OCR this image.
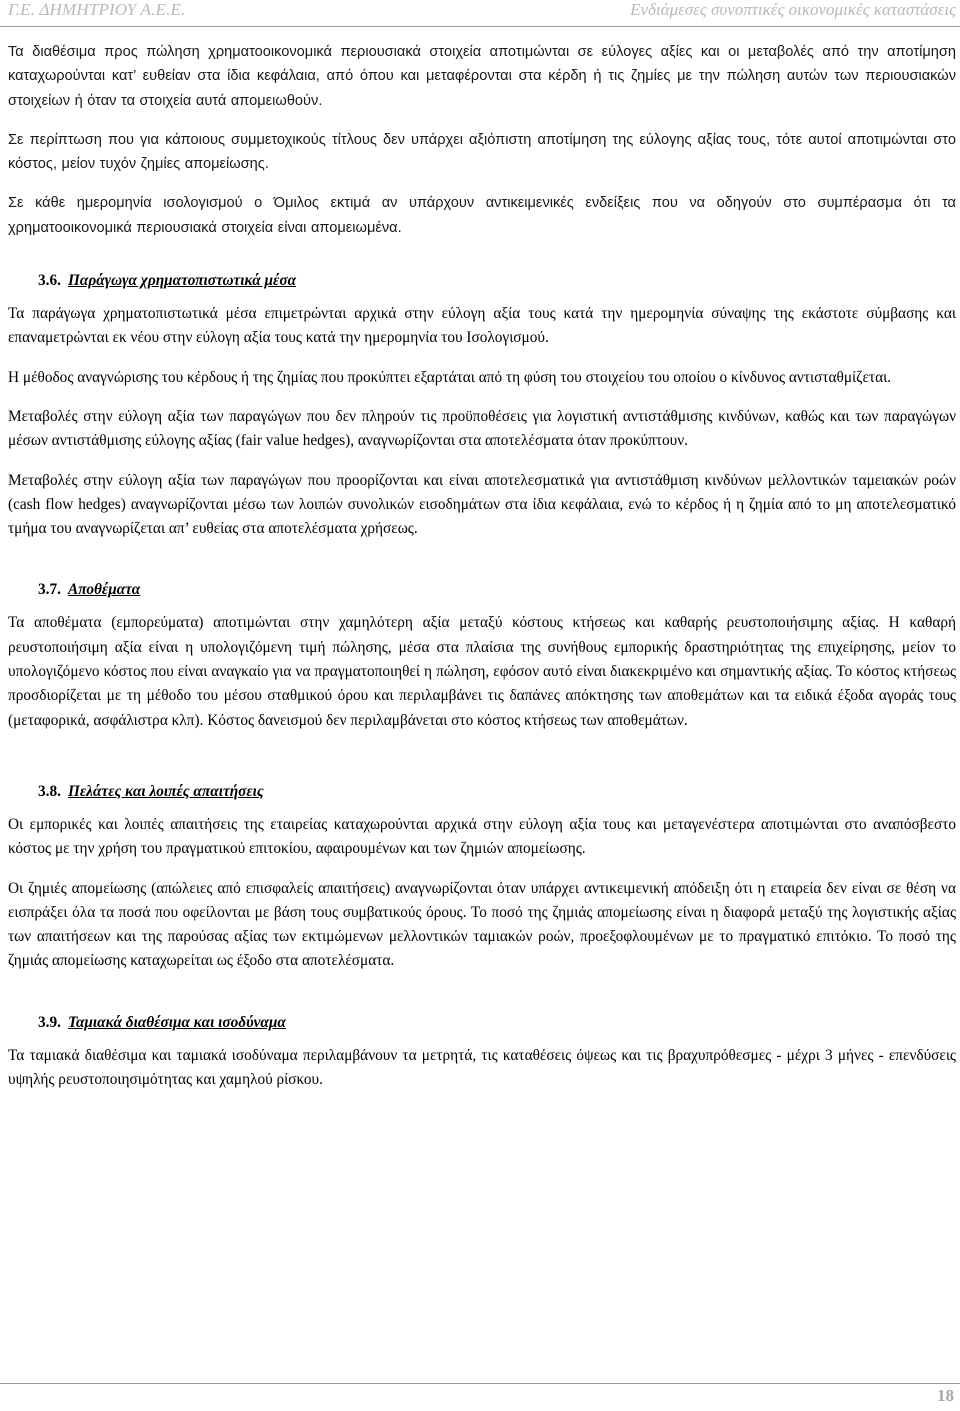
Γ.Ε. ΔΗΜΗΤΡΙΟΥ Α.Ε.Ε.	Ενδιάμεσες συνοπτικές οικονομικές καταστάσεις

Τα διαθέσιμα προς πώληση χρηματοοικονομικά περιουσιακά στοιχεία αποτιμώνται σε εύλογες αξίες και οι μεταβολές από την αποτίμηση καταχωρούνται κατ’ ευθείαν στα ίδια κεφάλαια, από όπου και μεταφέρονται στα κέρδη ή τις ζημίες με την πώληση αυτών των περιουσιακών στοιχείων ή όταν τα στοιχεία αυτά απομειωθούν.

Σε περίπτωση που για κάποιους συμμετοχικούς τίτλους δεν υπάρχει αξιόπιστη αποτίμηση της εύλογης αξίας τους, τότε αυτοί αποτιμώνται στο κόστος, μείον τυχόν ζημίες απομείωσης.

Σε κάθε ημερομηνία ισολογισμού ο Όμιλος εκτιμά αν υπάρχουν αντικειμενικές ενδείξεις που να οδηγούν στο συμπέρασμα ότι τα χρηματοοικονομικά περιουσιακά στοιχεία είναι απομειωμένα.

3.6. Παράγωγα χρηματοπιστωτικά μέσα

Τα παράγωγα χρηματοπιστωτικά μέσα επιμετρώνται αρχικά στην εύλογη αξία τους κατά την ημερομηνία σύναψης της εκάστοτε σύμβασης και επαναμετρώνται εκ νέου στην εύλογη αξία τους κατά την ημερομηνία του Ισολογισμού.

Η μέθοδος αναγνώρισης του κέρδους ή της ζημίας που προκύπτει εξαρτάται από τη φύση του στοιχείου του οποίου ο κίνδυνος αντισταθμίζεται.

Μεταβολές στην εύλογη αξία των παραγώγων που δεν πληρούν τις προϋποθέσεις για λογιστική αντιστάθμισης κινδύνων, καθώς και των παραγώγων μέσων αντιστάθμισης εύλογης αξίας (fair value hedges), αναγνωρίζονται στα αποτελέσματα όταν προκύπτουν.

Μεταβολές στην εύλογη αξία των παραγώγων που προορίζονται και είναι αποτελεσματικά για αντιστάθμιση κινδύνων μελλοντικών ταμειακών ροών (cash flow hedges) αναγνωρίζονται μέσω των λοιπών συνολικών εισοδημάτων στα ίδια κεφάλαια, ενώ το κέρδος ή η ζημία από το μη αποτελεσματικό τμήμα του αναγνωρίζεται απ’ ευθείας στα αποτελέσματα χρήσεως.

3.7. Αποθέματα

Τα αποθέματα (εμπορεύματα) αποτιμώνται στην χαμηλότερη αξία μεταξύ κόστους κτήσεως και καθαρής ρευστοποιήσιμης αξίας. Η καθαρή ρευστοποιήσιμη αξία είναι η υπολογιζόμενη τιμή πώλησης, μέσα στα πλαίσια της συνήθους εμπορικής δραστηριότητας της επιχείρησης, μείον το υπολογιζόμενο κόστος που είναι αναγκαίο για να πραγματοποιηθεί η πώληση, εφόσον αυτό είναι διακεκριμένο και σημαντικής αξίας. Το κόστος κτήσεως προσδιορίζεται με τη μέθοδο του μέσου σταθμικού όρου και περιλαμβάνει τις δαπάνες απόκτησης των αποθεμάτων και τα ειδικά έξοδα αγοράς τους (μεταφορικά, ασφάλιστρα κλπ). Κόστος δανεισμού δεν περιλαμβάνεται στο κόστος κτήσεως των αποθεμάτων.

3.8. Πελάτες και λοιπές απαιτήσεις

Οι εμπορικές και λοιπές απαιτήσεις της εταιρείας καταχωρούνται αρχικά στην εύλογη αξία τους και μεταγενέστερα αποτιμώνται στο αναπόσβεστο κόστος με την χρήση του πραγματικού επιτοκίου, αφαιρουμένων και των ζημιών απομείωσης.

Οι ζημιές απομείωσης (απώλειες από επισφαλείς απαιτήσεις) αναγνωρίζονται όταν υπάρχει αντικειμενική απόδειξη ότι η εταιρεία δεν είναι σε θέση να εισπράξει όλα τα ποσά που οφείλονται με βάση τους συμβατικούς όρους. Το ποσό της ζημιάς απομείωσης είναι η διαφορά μεταξύ της λογιστικής αξίας των απαιτήσεων και της παρούσας αξίας των εκτιμώμενων μελλοντικών ταμιακών ροών, προεξοφλουμένων με το πραγματικό επιτόκιο. Το ποσό της ζημιάς απομείωσης καταχωρείται ως έξοδο στα αποτελέσματα.

3.9. Ταμιακά διαθέσιμα και ισοδύναμα

Τα ταμιακά διαθέσιμα και ταμιακά ισοδύναμα περιλαμβάνουν τα μετρητά, τις καταθέσεις όψεως και τις βραχυπρόθεσμες - μέχρι 3 μήνες - επενδύσεις υψηλής ρευστοποιησιμότητας και χαμηλού ρίσκου.

18
